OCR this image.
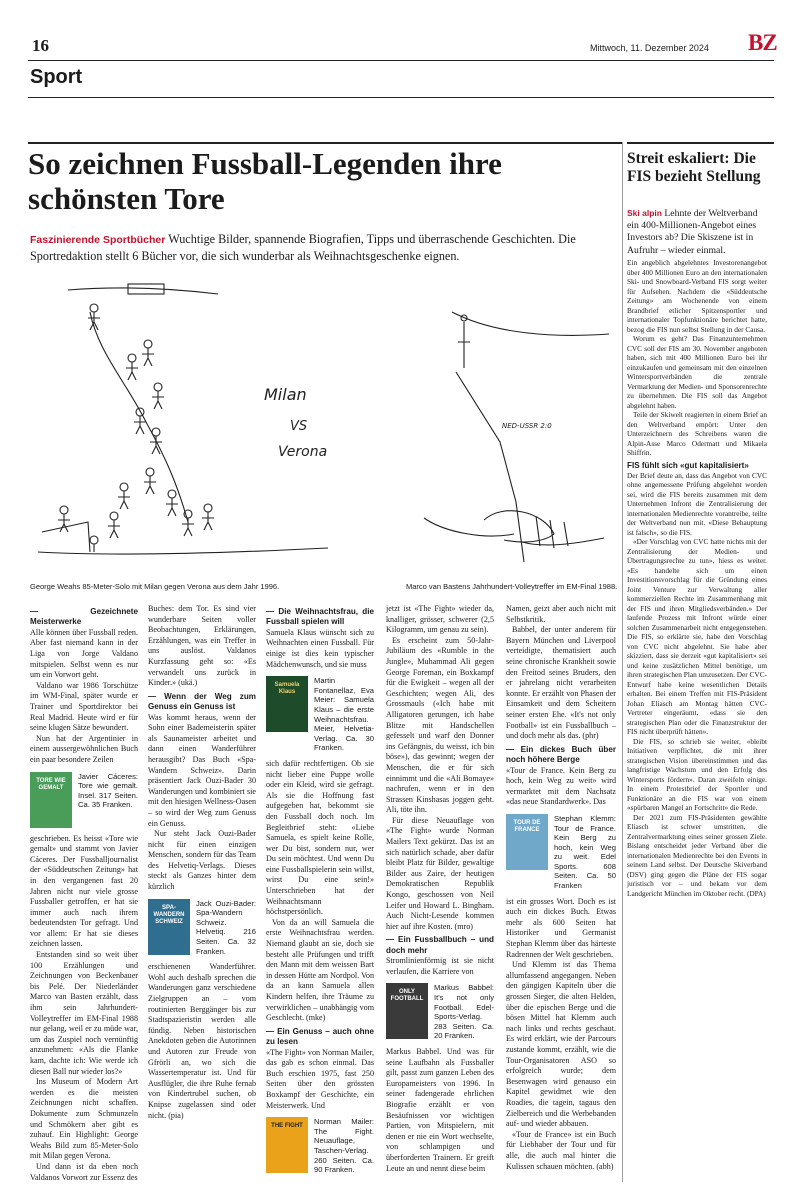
16	Mittwoch, 11. Dezember 2024 BZ
Sport
So zeichnen Fussball-Legenden ihre schönsten Tore
Faszinierende Sportbücher Wuchtige Bilder, spannende Biografien, Tipps und überraschende Geschichten. Die Sportredaktion stellt 6 Bücher vor, die sich wunderbar als Weihnachtsgeschenke eignen.
Milan
VS
Verona
George Weahs 85-Meter-Solo mit Milan gegen Verona aus dem Jahr 1996.
NED-USSR 2:0
Marco van Bastens Jahrhundert-Volleytreffer im EM-Final 1988.
— Gezeichnete Meisterwerke

Alle können über Fussball reden. Aber fast niemand kann in der Liga von Jorge Valdano mitspielen. Selbst wenn es nur um ein Vorwort geht.

Valdano war 1986 Torschütze im WM-Final, später wurde er Trainer und Sportdirektor bei Real Madrid. Heute wird er für seine klugen Sätze bewundert.

Nun hat der Argentinier in einem aussergewöhnlichen Buch ein paar besondere Zeilen

TORE WIE GEMALT
Javier Cáceres: Tore wie gemalt. Insel. 317 Seiten. Ca. 35 Franken.

geschrieben. Es heisst «Tore wie gemalt» und stammt von Javier Cáceres. Der Fussballjournalist der «Süddeutschen Zeitung» hat in den vergangenen fast 20 Jahren nicht nur viele grosse Fussballer getroffen, er hat sie immer auch nach ihrem bedeutendsten Tor gefragt. Und vor allem: Er hat sie dieses zeichnen lassen.

Entstanden sind so weit über 100 Erzählungen und Zeichnungen von Beckenbauer bis Pelé. Der Niederländer Marco van Basten erzählt, dass ihm sein Jahrhundert-Volleytreffer im EM-Final 1988 nur gelang, weil er zu müde war, um das Zuspiel noch vernünftig anzunehmen: «Als die Flanke kam, dachte ich: Wie werde ich diesen Ball nur wieder los?»

Ins Museum of Modern Art werden es die meisten Zeichnungen nicht schaffen. Dokumente zum Schmunzeln und Schmökern aber gibt es zuhauf. Ein Highlight: George Weahs Bild zum 85-Meter-Solo mit Milan gegen Verona.

Und dann ist da eben noch Valdanos Vorwort zur Essenz des

Buches: dem Tor. Es sind vier wunderbare Seiten voller Beobachtungen, Erklärungen, Erzählungen, was ein Treffer in uns auslöst. Valdanos Kurzfassung geht so: «Es verwandelt uns zurück in Kinder.» (ukä.)

— Wenn der Weg zum Genuss ein Genuss ist

Was kommt heraus, wenn der Sohn einer Bademeisterin später als Saunameister arbeitet und dann einen Wanderführer herausgibt? Das Buch «Spa-Wandern Schweiz». Darin präsentiert Jack Ouzi-Bader 30 Wanderungen und kombiniert sie mit den hiesigen Wellness-Oasen – so wird der Weg zum Genuss ein Genuss.

Nur steht Jack Ouzi-Bader nicht für einen einzigen Menschen, sondern für das Team des Helvetiq-Verlags. Dieses steckt als Ganzes hinter dem kürzlich

SPA-WANDERN SCHWEIZ
Jack Ouzi-Bader: Spa-Wandern Schweiz. Helvetiq. 216 Seiten. Ca. 32 Franken.

erschienenen Wanderführer. Wohl auch deshalb sprechen die Wanderungen ganz verschiedene Zielgruppen an – vom routinierten Berggänger bis zur Stadtspazieristin werden alle fündig. Neben historischen Anekdoten geben die Autorinnen und Autoren zur Freude von Gfrörli an, wo sich die Wassertemperatur ist. Und für Ausflügler, die ihre Ruhe fernab von Kindertrubel suchen, ob Knipse zugelassen sind oder nicht. (pia)

— Die Weihnachtsfrau, die Fussball spielen will

Samuela Klaus wünscht sich zu Weihnachten einen Fussball. Für einige ist dies kein typischer Mädchenwunsch, und sie muss

Samuela Klaus
Martin Fontanellaz, Eva Meier: Samuela Klaus – die erste Weihnachtsfrau. Meier, Helvetia-Verlag. Ca. 30 Franken.

sich dafür rechtfertigen. Ob sie nicht lieber eine Puppe wolle oder ein Kleid, wird sie gefragt. Als sie die Hoffnung fast aufgegeben hat, bekommt sie den Fussball doch noch. Im Begleitbrief steht: «Liebe Samuela, es spielt keine Rolle, wer Du bist, sondern nur, wer Du sein möchtest. Und wenn Du eine Fussballspielerin sein willst, wirst Du eine sein!» Unterschrieben hat der Weihnachtsmann höchstpersönlich.

Von da an will Samuela die erste Weihnachtsfrau werden. Niemand glaubt an sie, doch sie besteht alle Prüfungen und trifft den Mann mit dem weissen Bart in dessen Hütte am Nordpol. Von da an kann Samuela allen Kindern helfen, ihre Träume zu verwirklichen – unabhängig vom Geschlecht. (mke)

— Ein Genuss – auch ohne zu lesen

«The Fight» von Norman Mailer, das gab es schon einmal. Das Buch erschien 1975, fast 250 Seiten über den grössten Boxkampf der Geschichte, ein Meisterwerk. Und

THE FIGHT	Norman Mailer: The Fight. Neuauflage, Taschen-Verlag. 260 Seiten. Ca. 90 Franken.

jetzt ist «The Fight» wieder da, knalliger, grösser, schwerer (2,5 Kilogramm, um genau zu sein).

Es erscheint zum 50-Jahr-Jubiläum des «Rumble in the Jungle», Muhammad Ali gegen George Foreman, ein Boxkampf für die Ewigkeit – wegen all der Geschichten; wegen Ali, des Grossmauls («Ich habe mit Alligatoren gerungen, ich habe Blitze mit Handschellen gefesselt und warf den Donner ins Gefängnis, du weisst, ich bin böse»), das gewinnt; wegen der Menschen, die er für sich einnimmt und die «Ali Bomaye» nachrufen, wenn er in den Strassen Kinshasas joggen geht. Ali, töte ihn.

Für diese Neuauflage von «The Fight» wurde Norman Mailers Text gekürzt. Das ist an sich natürlich schade, aber dafür bleibt Platz für Bilder, gewaltige Bilder aus Zaire, der heutigen Demokratischen Republik Kongo, geschossen von Neil Leifer und Howard L. Bingham. Auch Nicht-Lesende kommen hier auf ihre Kosten. (mro)

— Ein Fussballbuch – und doch mehr

Stromlinienförmig ist sie nicht verlaufen, die Karriere von

ONLY FOOTBALL
Markus Babbel: It's not only Football. Edel-Sports-Verlag. 283 Seiten. Ca. 20 Franken.

Markus Babbel. Und was für seine Laufbahn als Fussballer gilt, passt zum ganzen Leben des Europameisters von 1996. In seiner fadengerade ehrlichen Biografie erzählt er von Besäufnissen vor wichtigen Partien, von Mitspielern, mit denen er nie ein Wort wechselte, von schlampigen und überforderten Trainern. Er greift Leute an und nennt diese beim

Namen, geizt aber auch nicht mit Selbstkritik.

Babbel, der unter anderem für Bayern München und Liverpool verteidigte, thematisiert auch seine chronische Krankheit sowie den Freitod seines Bruders, den er jahrelang nicht verarbeiten konnte. Er erzählt von Phasen der Einsamkeit und dem Scheitern seiner ersten Ehe. «It's not only Football» ist ein Fussballbuch – und doch mehr als das. (phr)

— Ein dickes Buch über noch höhere Berge

«Tour de France. Kein Berg zu hoch, kein Weg zu weit» wird vermarktet mit dem Nachsatz «das neue Standardwerk». Das

TOUR DE FRANCE
Stephan Klemm: Tour de France. Kein Berg zu hoch, kein Weg zu weit. Edel Sports. 608 Seiten. Ca. 50 Franken

ist ein grosses Wort. Doch es ist auch ein dickes Buch. Etwas mehr als 600 Seiten hat Historiker und Germanist Stephan Klemm über das härteste Radrennen der Welt geschrieben.

Und Klemm ist das Thema allumfassend angegangen. Neben den gängigen Kapiteln über die grossen Sieger, die alten Helden, über die epischen Berge und die bösen Mittel hat Klemm auch nach links und rechts geschaut. Es wird erklärt, wie der Parcours zustande kommt, erzählt, wie die Tour-Organisatoren ASO so erfolgreich wurde; dem Besenwagen wird genauso ein Kapitel gewidmet wie den Roadies, die tagein, tagaus den Zielbereich und die Werbebanden auf- und wieder abbauen.

«Tour de France» ist ein Buch für Liebhaber der Tour und für alle, die auch mal hinter die Kulissen schauen möchten. (abh)

Streit eskaliert: Die FIS bezieht Stellung
Ski alpin Lehnte der Weltverband ein 400-Millionen-Angebot eines Investors ab? Die Skiszene ist in Aufruhr – wieder einmal.

Ein angeblich abgelehntes Investorenangebot über 400 Millionen Euro an den internationalen Ski- und Snowboard-Verband FIS sorgt weiter für Aufsehen. Nachdem die «Süddeutsche Zeitung» am Wochenende von einem Brandbrief etlicher Spitzensportler und internationaler Topfunktionäre berichtet hatte, bezog die FIS nun selbst Stellung in der Causa.

Worum es geht? Das Finanzunternehmen CVC soll der FIS am 30. November angeboten haben, sich mit 400 Millionen Euro bei ihr einzukaufen und gemeinsam mit den einzelnen Wintersportverbänden die zentrale Vermarktung der Medien- und Sponsorenrechte zu übernehmen. Die FIS soll das Angebot abgelehnt haben.

Teile der Skiwelt reagierten in einem Brief an den Weltverband empört: Unter den Unterzeichnern des Schreibens waren die Alpin-Asse Marco Odermatt und Mikaela Shiffrin.

FIS fühlt sich «gut kapitalisiert»

Der Brief deute an, dass das Angebot von CVC ohne angemessene Prüfung abgelehnt worden sei, wird die FIS bereits zusammen mit dem Unternehmen Infront die Zentralisierung der internationalen Medienrechte vorantreibe, teilte der Weltverband nun mit. «Diese Behauptung ist falsch», so die FIS.

«Der Vorschlag von CVC hatte nichts mit der Zentralisierung der Medien- und Übertragungsrechte zu tun», hiess es weiter. «Es handelte sich um einen Investitionsvorschlag für die Gründung eines Joint Venture zur Verwaltung aller kommerziellen Rechte im Zusammenhang mit der FIS und ihren Mitgliedsverbänden.» Der laufende Prozess mit Infront würde einer solchen Zusammenarbeit nicht entgegenstehen. Die FIS, so erklärte sie, habe den Vorschlag von CVC nicht abgelehnt. Sie habe aber skizziert, dass sie derzeit «gut kapitalisiert» sei und keine zusätzlichen Mittel benötige, um ihren strategischen Plan umzusetzen. Der CVC-Entwurf habe keine wesentlichen Details erhalten. Bei einem Treffen mit FIS-Präsident Johan Eliasch am Montag hätten CVC-Vertreter eingeräumt, «dass sie den strategischen Plan oder die Finanzstruktur der FIS nicht überprüft hätten».

Die FIS, so schrieb sie weiter, «bleibt Initiativen verpflichtet, die mit ihrer strategischen Vision übereinstimmen und das langfristige Wachstum und den Erfolg des Wintersports fördern». Daran zweifeln einige. In einem Protestbrief der Sportler und Funktionäre an die FIS war von einem «spürbaren Mangel an Fortschritt» die Rede.

Der 2021 zum FIS-Präsidenten gewählte Eliasch ist schwer umstritten, die Zentralvermarktung eines seiner grossen Ziele. Bislang entscheidet jeder Verband über die internationalen Medienrechte bei den Events in seinem Land selbst. Der Deutsche Skiverband (DSV) ging gegen die Pläne der FIS sogar juristisch vor – und bekam vor dem Landgericht München im Oktober recht. (DPA)
